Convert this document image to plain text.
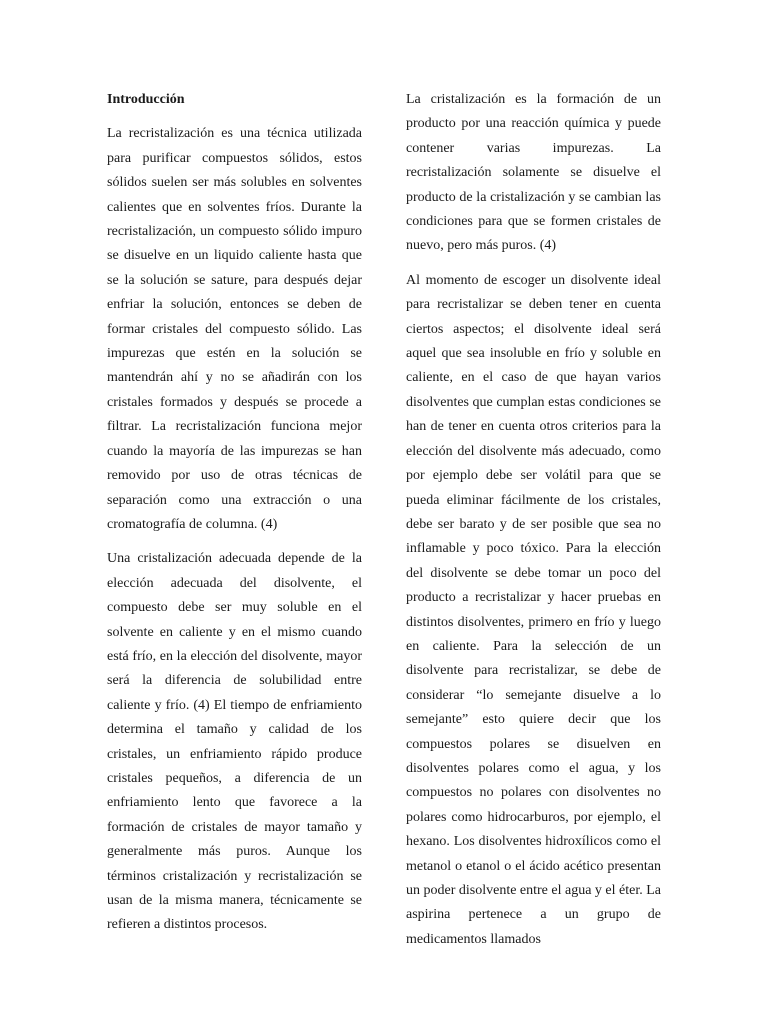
Introducción

La recristalización es una técnica utilizada para purificar compuestos sólidos, estos sólidos suelen ser más solubles en solventes calientes que en solventes fríos. Durante la recristalización, un compuesto sólido impuro se disuelve en un liquido caliente hasta que se la solución se sature, para después dejar enfriar la solución, entonces se deben de formar cristales del compuesto sólido. Las impurezas que estén en la solución se mantendrán ahí y no se añadirán con los cristales formados y después se procede a filtrar. La recristalización funciona mejor cuando la mayoría de las impurezas se han removido por uso de otras técnicas de separación como una extracción o una cromatografía de columna. (4)

Una cristalización adecuada depende de la elección adecuada del disolvente, el compuesto debe ser muy soluble en el solvente en caliente y en el mismo cuando está frío, en la elección del disolvente, mayor será la diferencia de solubilidad entre caliente y frío. (4) El tiempo de enfriamiento determina el tamaño y calidad de los cristales, un enfriamiento rápido produce cristales pequeños, a diferencia de un enfriamiento lento que favorece a la formación de cristales de mayor tamaño y generalmente más puros. Aunque los términos cristalización y recristalización se usan de la misma manera, técnicamente se refieren a distintos procesos.

La cristalización es la formación de un producto por una reacción química y puede contener varias impurezas. La recristalización solamente se disuelve el producto de la cristalización y se cambian las condiciones para que se formen cristales de nuevo, pero más puros. (4)

Al momento de escoger un disolvente ideal para recristalizar se deben tener en cuenta ciertos aspectos; el disolvente ideal será aquel que sea insoluble en frío y soluble en caliente, en el caso de que hayan varios disolventes que cumplan estas condiciones se han de tener en cuenta otros criterios para la elección del disolvente más adecuado, como por ejemplo debe ser volátil para que se pueda eliminar fácilmente de los cristales, debe ser barato y de ser posible que sea no inflamable y poco tóxico. Para la elección del disolvente se debe tomar un poco del producto a recristalizar y hacer pruebas en distintos disolventes, primero en frío y luego en caliente. Para la selección de un disolvente para recristalizar, se debe de considerar “lo semejante disuelve a lo semejante” esto quiere decir que los compuestos polares se disuelven en disolventes polares como el agua, y los compuestos no polares con disolventes no polares como hidrocarburos, por ejemplo, el hexano. Los disolventes hidroxílicos como el metanol o etanol o el ácido acético presentan un poder disolvente entre el agua y el éter. La aspirina pertenece a un grupo de medicamentos llamados
